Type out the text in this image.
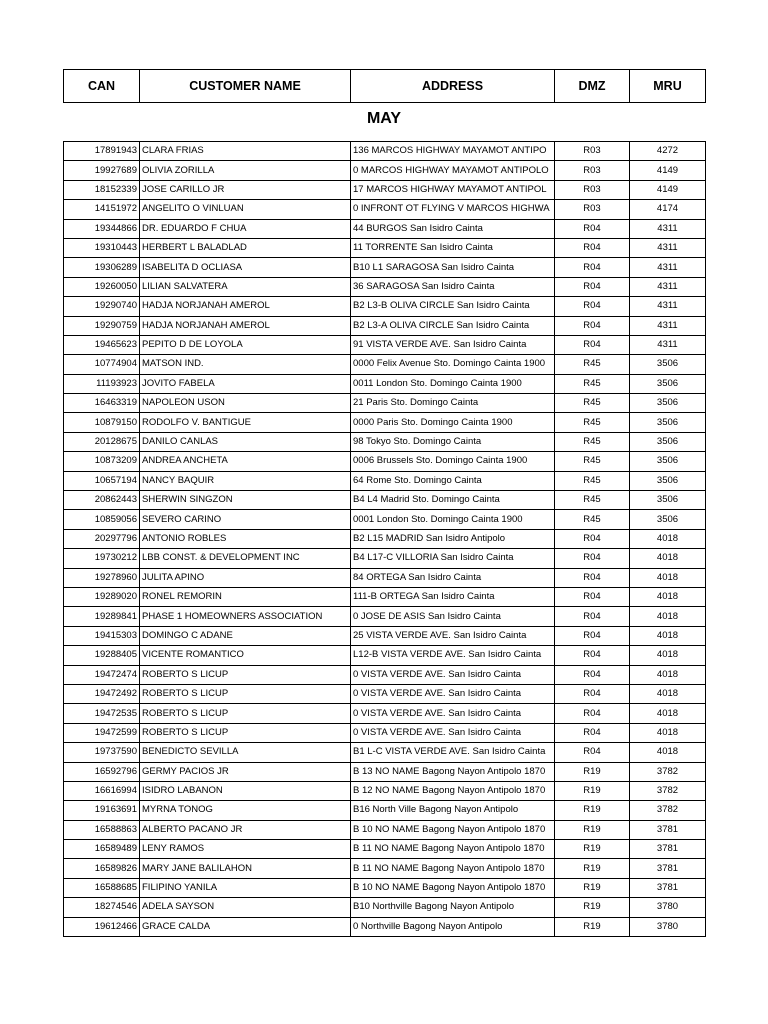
CAN	CUSTOMER NAME	ADDRESS	DMZ	MRU
MAY
17891943	CLARA FRIAS	136 MARCOS HIGHWAY MAYAMOT ANTIPO	R03	4272
19927689	OLIVIA ZORILLA	0 MARCOS HIGHWAY MAYAMOT ANTIPOLO	R03	4149
18152339	JOSE CARILLO JR	17 MARCOS HIGHWAY MAYAMOT ANTIPOL	R03	4149
14151972	ANGELITO O VINLUAN	0 INFRONT OT FLYING V MARCOS HIGHWA	R03	4174
19344866	DR. EDUARDO F CHUA	44 BURGOS San Isidro Cainta	R04	4311
19310443	HERBERT L BALADLAD	11 TORRENTE San Isidro Cainta	R04	4311
19306289	ISABELITA D OCLIASA	B10 L1 SARAGOSA San Isidro Cainta	R04	4311
19260050	LILIAN SALVATERA	36 SARAGOSA San Isidro Cainta	R04	4311
19290740	HADJA NORJANAH AMEROL	B2 L3-B OLIVA CIRCLE San Isidro Cainta	R04	4311
19290759	HADJA NORJANAH AMEROL	B2 L3-A OLIVA CIRCLE San Isidro Cainta	R04	4311
19465623	PEPITO D DE LOYOLA	91 VISTA VERDE AVE. San Isidro Cainta	R04	4311
10774904	MATSON IND.	0000 Felix Avenue Sto. Domingo Cainta 1900	R45	3506
11193923	JOVITO FABELA	0011 London Sto. Domingo Cainta 1900	R45	3506
16463319	NAPOLEON USON	21 Paris Sto. Domingo Cainta	R45	3506
10879150	RODOLFO V. BANTIGUE	0000 Paris Sto. Domingo Cainta 1900	R45	3506
20128675	DANILO CANLAS	98 Tokyo Sto. Domingo Cainta	R45	3506
10873209	ANDREA ANCHETA	0006 Brussels Sto. Domingo Cainta 1900	R45	3506
10657194	NANCY BAQUIR	64 Rome Sto. Domingo Cainta	R45	3506
20862443	SHERWIN SINGZON	B4 L4 Madrid Sto. Domingo Cainta	R45	3506
10859056	SEVERO CARINO	0001 London Sto. Domingo Cainta 1900	R45	3506
20297796	ANTONIO ROBLES	B2 L15 MADRID San Isidro Antipolo	R04	4018
19730212	LBB CONST. & DEVELOPMENT INC	B4 L17-C VILLORIA San Isidro Cainta	R04	4018
19278960	JULITA APINO	84 ORTEGA San Isidro Cainta	R04	4018
19289020	RONEL REMORIN	111-B ORTEGA San Isidro Cainta	R04	4018
19289841	PHASE 1 HOMEOWNERS ASSOCIATION	0 JOSE DE ASIS San Isidro Cainta	R04	4018
19415303	DOMINGO C ADANE	25 VISTA VERDE AVE. San Isidro Cainta	R04	4018
19288405	VICENTE ROMANTICO	L12-B VISTA VERDE AVE. San Isidro Cainta	R04	4018
19472474	ROBERTO S LICUP	0 VISTA VERDE AVE. San Isidro Cainta	R04	4018
19472492	ROBERTO S LICUP	0 VISTA VERDE AVE. San Isidro Cainta	R04	4018
19472535	ROBERTO S LICUP	0 VISTA VERDE AVE. San Isidro Cainta	R04	4018
19472599	ROBERTO S LICUP	0 VISTA VERDE AVE. San Isidro Cainta	R04	4018
19737590	BENEDICTO SEVILLA	B1 L-C VISTA VERDE AVE. San Isidro Cainta	R04	4018
16592796	GERMY PACIOS JR	B 13 NO NAME Bagong Nayon Antipolo 1870	R19	3782
16616994	ISIDRO LABANON	B 12 NO NAME Bagong Nayon Antipolo 1870	R19	3782
19163691	MYRNA TONOG	B16 North Ville Bagong Nayon Antipolo	R19	3782
16588863	ALBERTO PACANO JR	B 10 NO NAME Bagong Nayon Antipolo 1870	R19	3781
16589489	LENY RAMOS	B 11 NO NAME Bagong Nayon Antipolo 1870	R19	3781
16589826	MARY JANE BALILAHON	B 11 NO NAME Bagong Nayon Antipolo 1870	R19	3781
16588685	FILIPINO YANILA	B 10 NO NAME Bagong Nayon Antipolo 1870	R19	3781
18274546	ADELA SAYSON	B10 Northville Bagong Nayon Antipolo	R19	3780
19612466	GRACE CALDA	0 Northville Bagong Nayon Antipolo	R19	3780
